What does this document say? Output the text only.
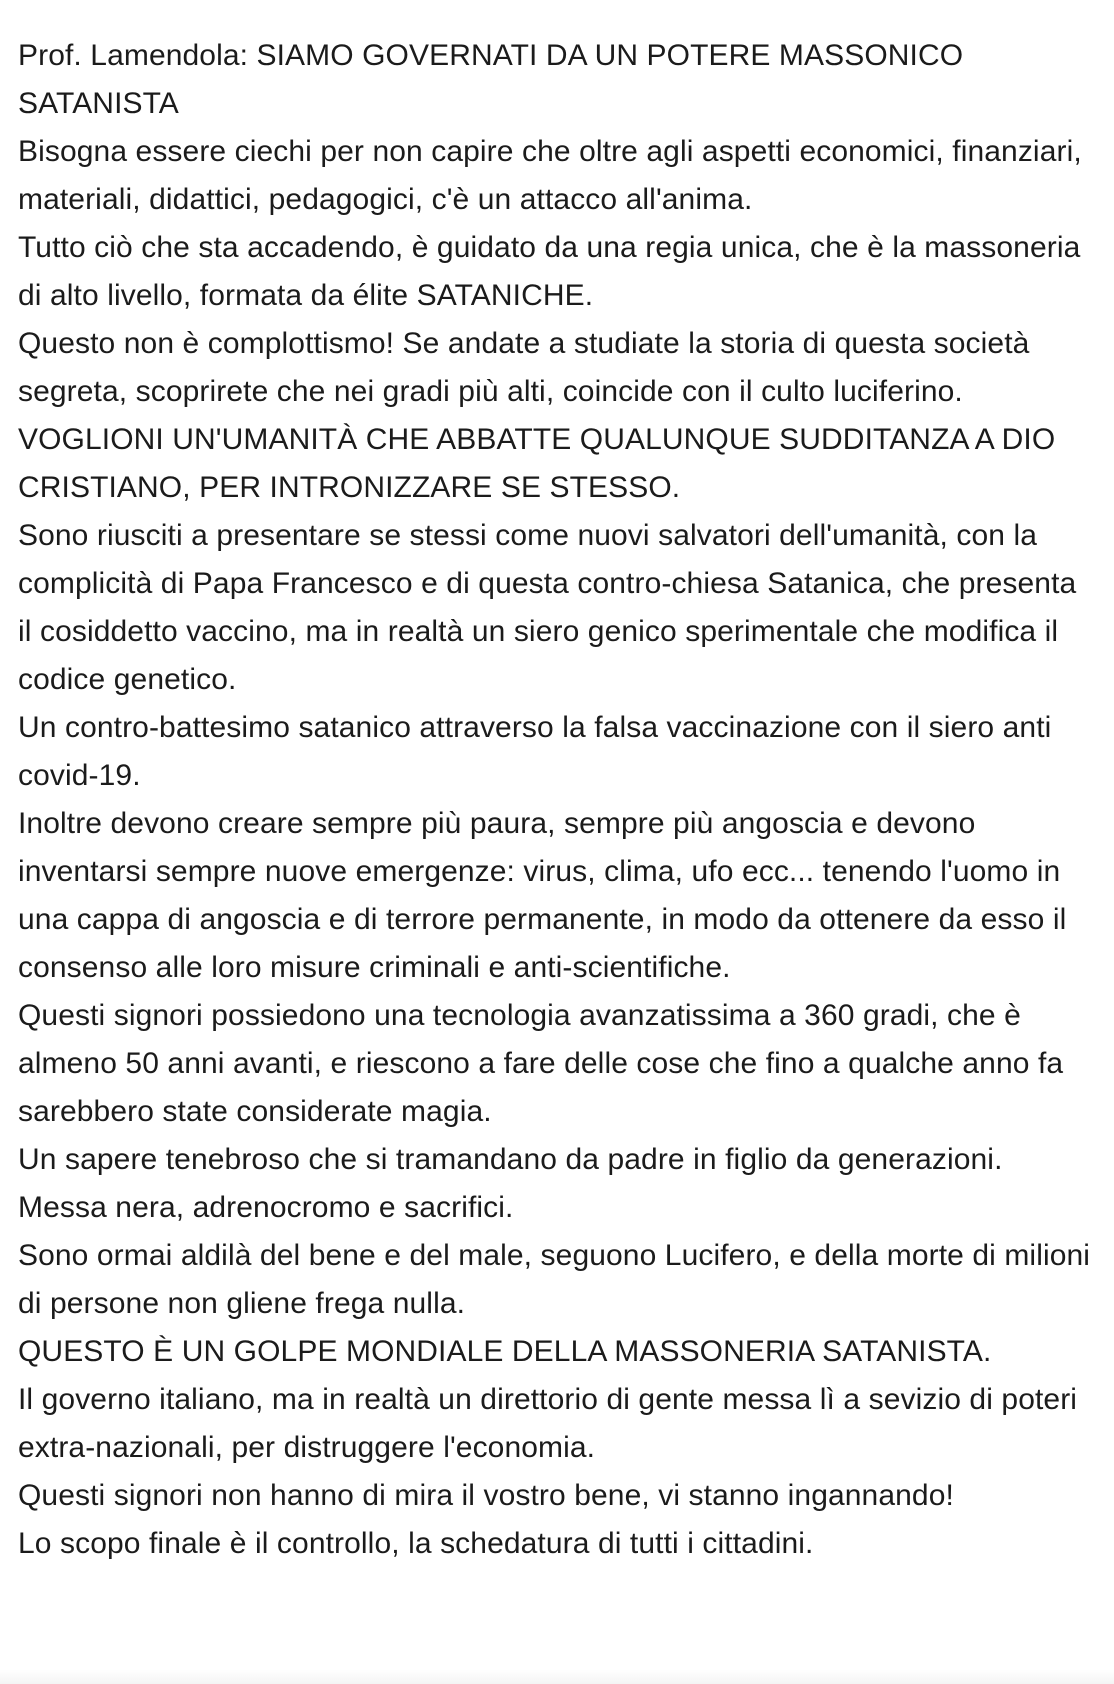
Prof. Lamendola: SIAMO GOVERNATI DA UN POTERE MASSONICO SATANISTA

Bisogna essere ciechi per non capire che oltre agli aspetti economici, finanziari, materiali, didattici, pedagogici, c'è un attacco all'anima.

Tutto ciò che sta accadendo, è guidato da una regia unica, che è la massoneria di alto livello, formata da élite SATANICHE.

Questo non è complottismo! Se andate a studiate la storia di questa società segreta, scoprirete che nei gradi più alti, coincide con il culto luciferino.

VOGLIONI UN'UMANITÀ CHE ABBATTE QUALUNQUE SUDDITANZA A DIO CRISTIANO, PER INTRONIZZARE SE STESSO.

Sono riusciti a presentare se stessi come nuovi salvatori dell'umanità, con la complicità di Papa Francesco e di questa contro-chiesa Satanica, che presenta il cosiddetto vaccino, ma in realtà un siero genico sperimentale che modifica il codice genetico.

Un contro-battesimo satanico attraverso la falsa vaccinazione con il siero anti covid-19.

Inoltre devono creare sempre più paura, sempre più angoscia e devono inventarsi sempre nuove emergenze: virus, clima, ufo ecc... tenendo l'uomo in una cappa di angoscia e di terrore permanente, in modo da ottenere da esso il consenso alle loro misure criminali e anti-scientifiche.

Questi signori possiedono una tecnologia avanzatissima a 360 gradi, che è almeno 50 anni avanti, e riescono a fare delle cose che fino a qualche anno fa sarebbero state considerate magia.

Un sapere tenebroso che si tramandano da padre in figlio da generazioni. Messa nera, adrenocromo e sacrifici.

Sono ormai aldilà del bene e del male, seguono Lucifero, e della morte di milioni di persone non gliene frega nulla.

QUESTO È UN GOLPE MONDIALE DELLA MASSONERIA SATANISTA.

Il governo italiano, ma in realtà un direttorio di gente messa lì a sevizio di poteri extra-nazionali, per distruggere l'economia.

Questi signori non hanno di mira il vostro bene, vi stanno ingannando!

Lo scopo finale è il controllo, la schedatura di tutti i cittadini.
